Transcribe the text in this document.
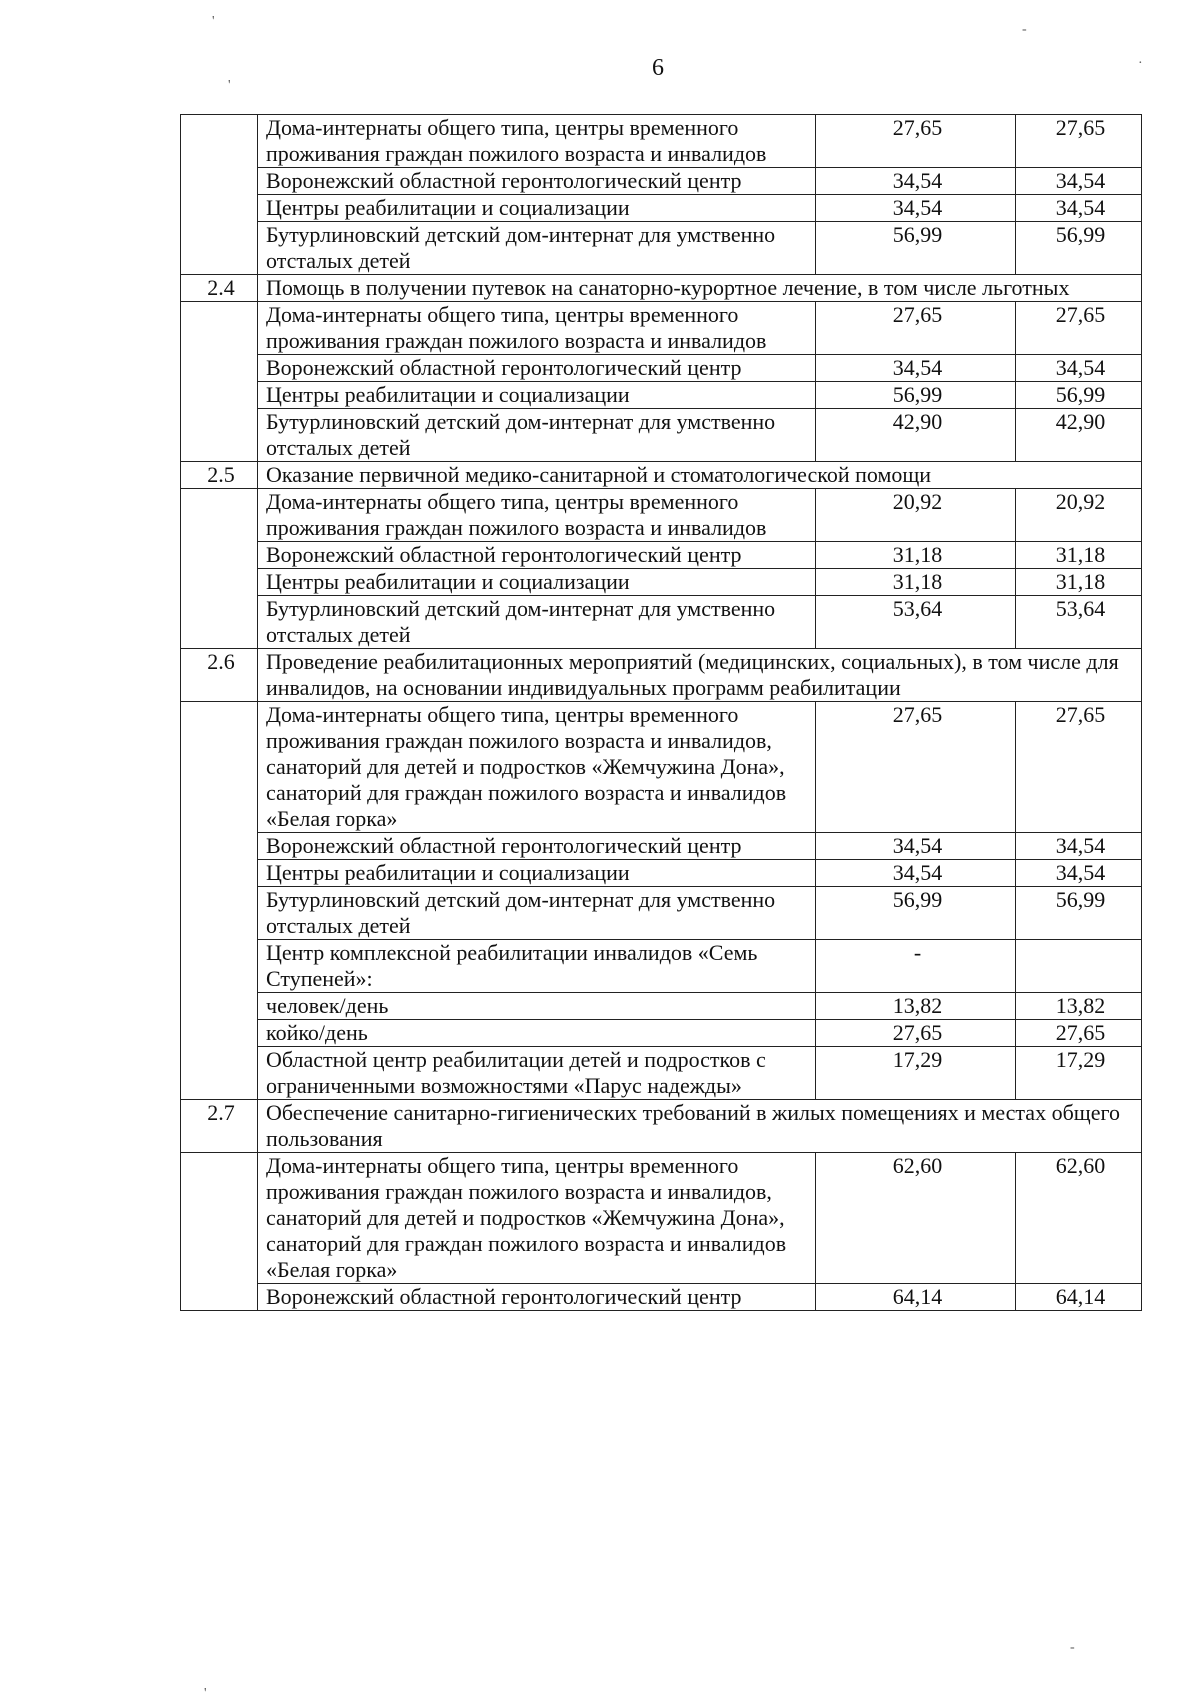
6
'
-
·
'
-
'
	Дома-интернаты общего типа, центры временного проживания граждан пожилого возраста и инвалидов	27,65	27,65
	Воронежский областной геронтологический центр	34,54	34,54
	Центры реабилитации и социализации	34,54	34,54
	Бутурлиновский детский дом-интернат для умственно отсталых детей	56,99	56,99
2.4	Помощь в получении путевок на санаторно-курортное лечение, в том числе льготных		
	Дома-интернаты общего типа, центры временного проживания граждан пожилого возраста и инвалидов	27,65	27,65
	Воронежский областной геронтологический центр	34,54	34,54
	Центры реабилитации и социализации	56,99	56,99
	Бутурлиновский детский дом-интернат для умственно отсталых детей	42,90	42,90
2.5	Оказание первичной медико-санитарной и стоматологической помощи		
	Дома-интернаты общего типа, центры временного проживания граждан пожилого возраста и инвалидов	20,92	20,92
	Воронежский областной геронтологический центр	31,18	31,18
	Центры реабилитации и социализации	31,18	31,18
	Бутурлиновский детский дом-интернат для умственно отсталых детей	53,64	53,64
2.6	Проведение реабилитационных мероприятий (медицинских, социальных), в том числе для инвалидов, на основании индивидуальных программ реабилитации		
	Дома-интернаты общего типа, центры временного проживания граждан пожилого возраста и инвалидов, санаторий для детей и подростков «Жемчужина Дона», санаторий для граждан пожилого возраста и инвалидов «Белая горка»	27,65	27,65
	Воронежский областной геронтологический центр	34,54	34,54
	Центры реабилитации и социализации	34,54	34,54
	Бутурлиновский детский дом-интернат для умственно отсталых детей	56,99	56,99
	Центр комплексной реабилитации инвалидов «Семь Ступеней»:	-	
	человек/день	13,82	13,82
	койко/день	27,65	27,65
	Областной центр реабилитации детей и подростков с ограниченными возможностями «Парус надежды»	17,29	17,29
2.7	Обеспечение санитарно-гигиенических требований в жилых помещениях и местах общего пользования		
	Дома-интернаты общего типа, центры временного проживания граждан пожилого возраста и инвалидов, санаторий для детей и подростков «Жемчужина Дона», санаторий для граждан пожилого возраста и инвалидов «Белая горка»	62,60	62,60
	Воронежский областной геронтологический центр	64,14	64,14
